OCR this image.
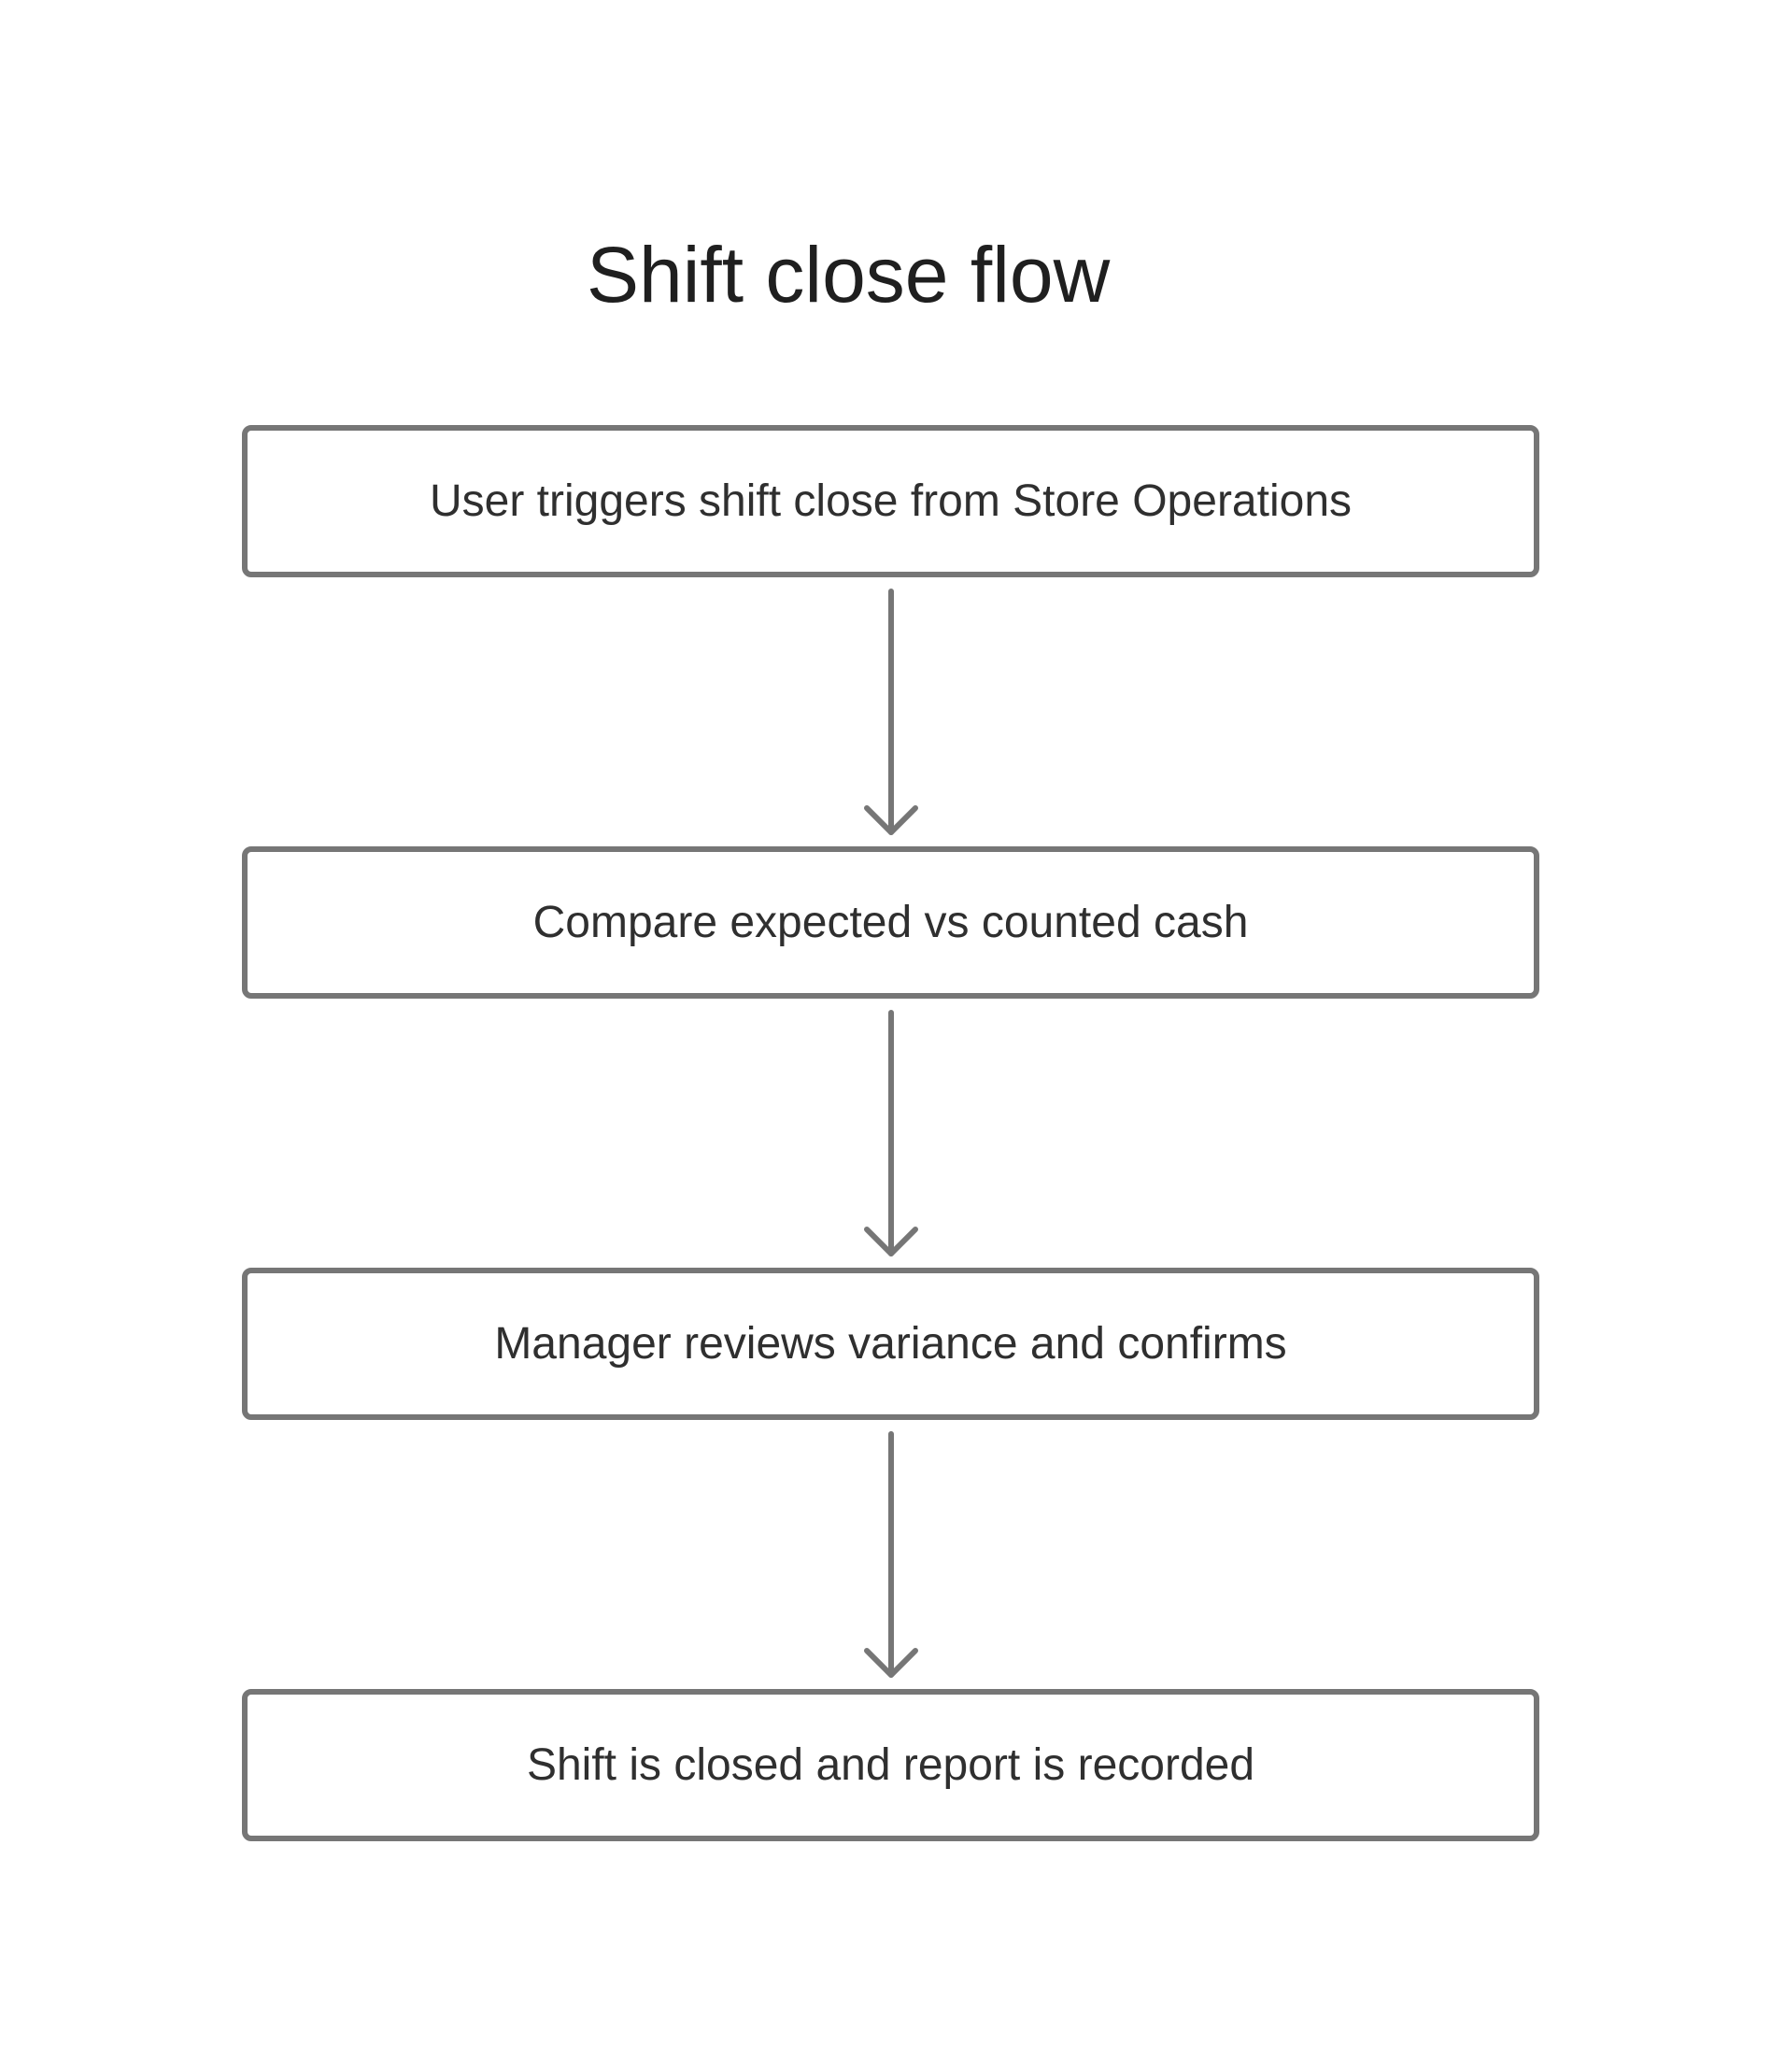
Shift close flow
User triggers shift close from Store Operations
Compare expected vs counted cash
Manager reviews variance and confirms
Shift is closed and report is recorded
